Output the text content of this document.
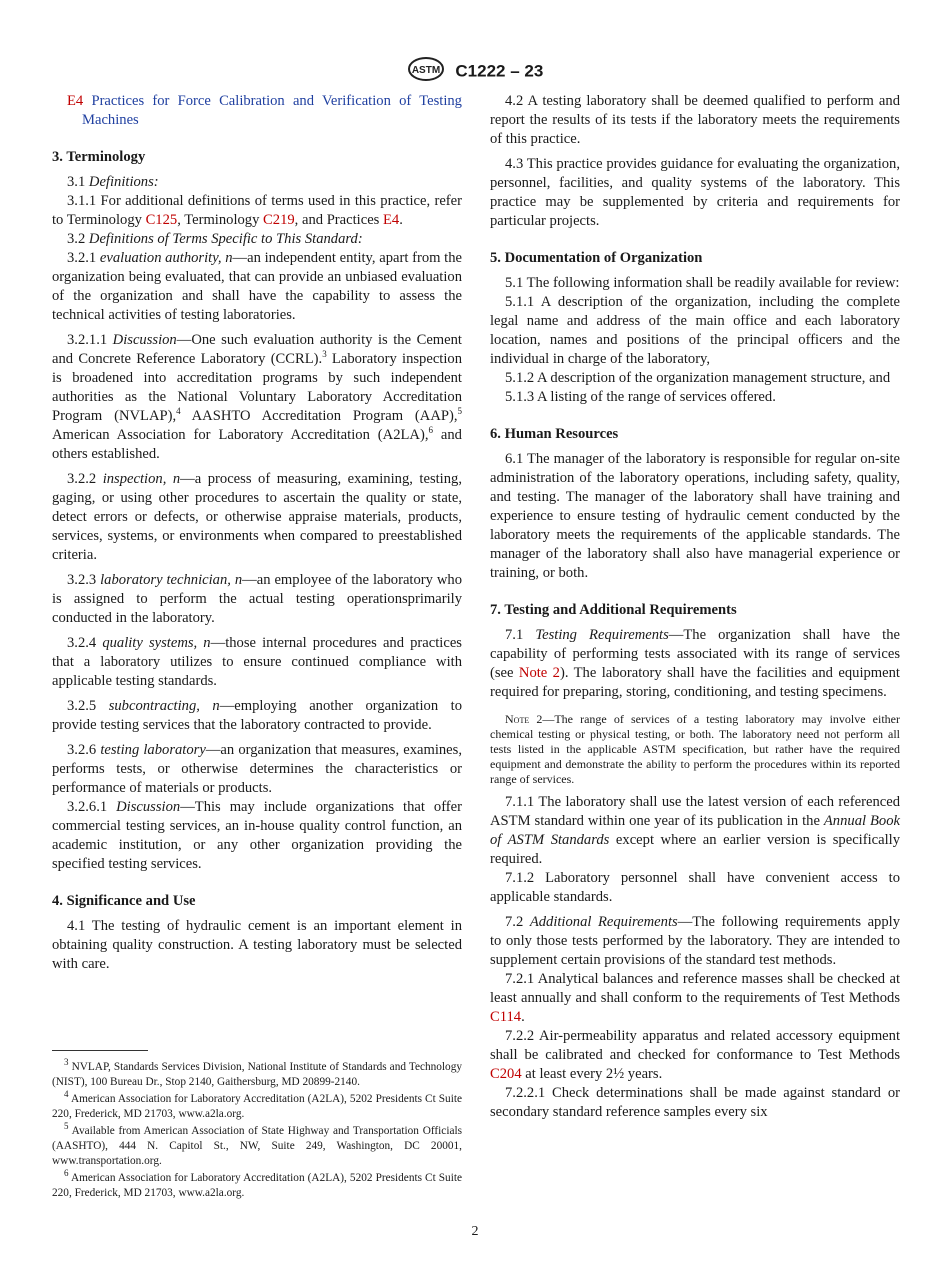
ASTM C1222 – 23

E4 Practices for Force Calibration and Verification of Testing Machines

3. Terminology

3.1 Definitions:

3.1.1 For additional definitions of terms used in this practice, refer to Terminology C125, Terminology C219, and Practices E4.

3.2 Definitions of Terms Specific to This Standard:

3.2.1 evaluation authority, n—an independent entity, apart from the organization being evaluated, that can provide an unbiased evaluation of the organization and shall have the capability to assess the technical activities of testing laboratories.

3.2.1.1 Discussion—One such evaluation authority is the Cement and Concrete Reference Laboratory (CCRL).$^3$ Laboratory inspection is broadened into accreditation programs by such independent authorities as the National Voluntary Laboratory Accreditation Program (NVLAP),$^4$ AASHTO Accreditation Program (AAP),$^5$ American Association for Laboratory Accreditation (A2LA),$^6$ and others established.

3.2.2 inspection, n—a process of measuring, examining, testing, gaging, or using other procedures to ascertain the quality or state, detect errors or defects, or otherwise appraise materials, products, services, systems, or environments when compared to preestablished criteria.

3.2.3 laboratory technician, n—an employee of the laboratory who is assigned to perform the actual testing operationsprimarily conducted in the laboratory.

3.2.4 quality systems, n—those internal procedures and practices that a laboratory utilizes to ensure continued compliance with applicable testing standards.

3.2.5 subcontracting, n—employing another organization to provide testing services that the laboratory contracted to provide.

3.2.6 testing laboratory—an organization that measures, examines, performs tests, or otherwise determines the characteristics or performance of materials or products.

3.2.6.1 Discussion—This may include organizations that offer commercial testing services, an in-house quality control function, an academic institution, or any other organization providing the specified testing services.

4. Significance and Use

4.1 The testing of hydraulic cement is an important element in obtaining quality construction. A testing laboratory must be selected with care.

$^3$ NVLAP, Standards Services Division, National Institute of Standards and Technology (NIST), 100 Bureau Dr., Stop 2140, Gaithersburg, MD 20899-2140.

$^4$ American Association for Laboratory Accreditation (A2LA), 5202 Presidents Ct Suite 220, Frederick, MD 21703, www.a2la.org.

$^5$ Available from American Association of State Highway and Transportation Officials (AASHTO), 444 N. Capitol St., NW, Suite 249, Washington, DC 20001, www.transportation.org.

$^6$ American Association for Laboratory Accreditation (A2LA), 5202 Presidents Ct Suite 220, Frederick, MD 21703, www.a2la.org.

4.2 A testing laboratory shall be deemed qualified to perform and report the results of its tests if the laboratory meets the requirements of this practice.

4.3 This practice provides guidance for evaluating the organization, personnel, facilities, and quality systems of the laboratory. This practice may be supplemented by criteria and requirements for particular projects.

5. Documentation of Organization

5.1 The following information shall be readily available for review:

5.1.1 A description of the organization, including the complete legal name and address of the main office and each laboratory location, names and positions of the principal officers and the individual in charge of the laboratory,

5.1.2 A description of the organization management structure, and

5.1.3 A listing of the range of services offered.

6. Human Resources

6.1 The manager of the laboratory is responsible for regular on-site administration of the laboratory operations, including safety, quality, and testing. The manager of the laboratory shall have training and experience to ensure testing of hydraulic cement conducted by the laboratory meets the requirements of the applicable standards. The manager of the laboratory shall also have managerial experience or training, or both.

7. Testing and Additional Requirements

7.1 Testing Requirements—The organization shall have the capability of performing tests associated with its range of services (see Note 2). The laboratory shall have the facilities and equipment required for preparing, storing, conditioning, and testing specimens.

Note 2—The range of services of a testing laboratory may involve either chemical testing or physical testing, or both. The laboratory need not perform all tests listed in the applicable ASTM specification, but rather have the required equipment and demonstrate the ability to perform the procedures within its reported range of services.

7.1.1 The laboratory shall use the latest version of each referenced ASTM standard within one year of its publication in the Annual Book of ASTM Standards except where an earlier version is specifically required.

7.1.2 Laboratory personnel shall have convenient access to applicable standards.

7.2 Additional Requirements—The following requirements apply to only those tests performed by the laboratory. They are intended to supplement certain provisions of the standard test methods.

7.2.1 Analytical balances and reference masses shall be checked at least annually and shall conform to the requirements of Test Methods C114.

7.2.2 Air-permeability apparatus and related accessory equipment shall be calibrated and checked for conformance to Test Methods C204 at least every 2½ years.

7.2.2.1 Check determinations shall be made against standard or secondary standard reference samples every six

2
